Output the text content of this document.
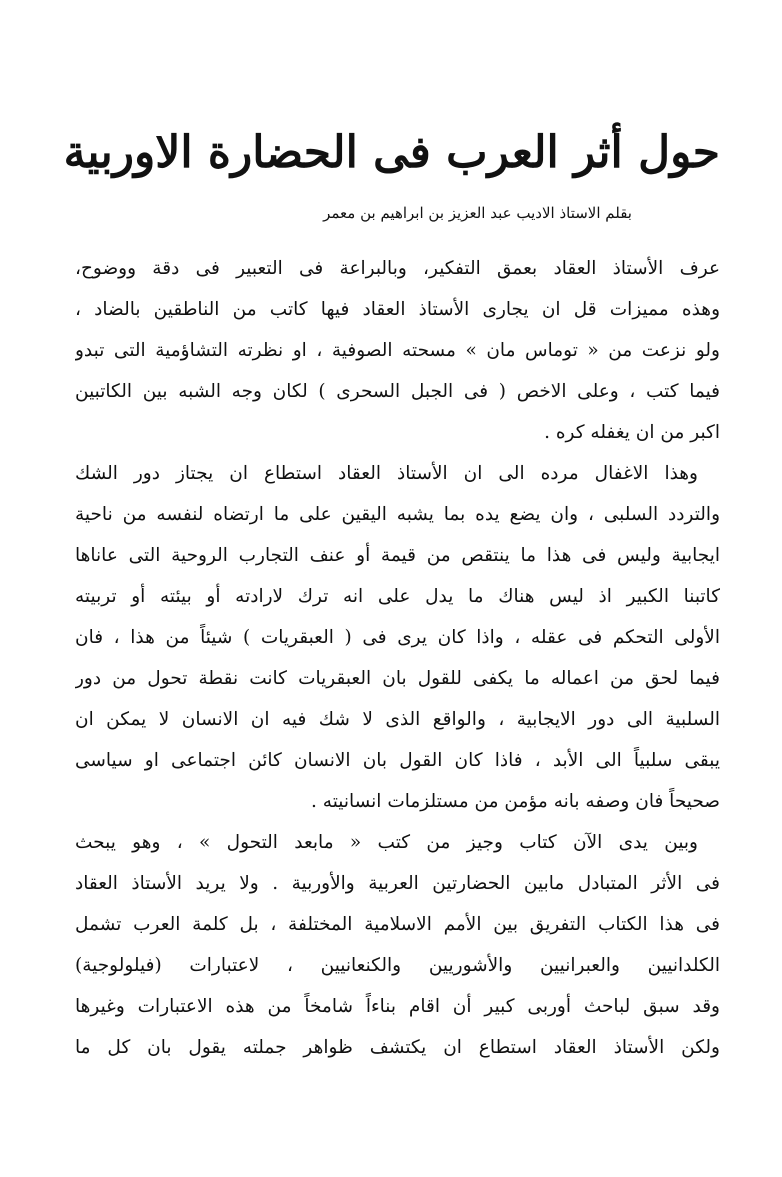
حول أثر العرب فى الحضارة الاوربية
بقلم الاستاذ الاديب عبد العزيز بن ابراهيم بن معمر
عرف الأستاذ العقاد بعمق التفكير، وبالبراعة فى التعبير فى دقة ووضوح،
وهذه مميزات قل ان يجارى الأستاذ العقاد فيها كاتب من الناطقين بالضاد ،
ولو نزعت من « توماس مان » مسحته الصوفية ، او نظرته التشاؤمية التى تبدو
فيما كتب ، وعلى الاخص ( فى الجبل السحرى ) لكان وجه الشبه بين الكاتبين
اكبر من ان يغفله كره .
وهذا الاغفال مرده الى ان الأستاذ العقاد استطاع ان يجتاز دور الشك
والتردد السلبى ، وان يضع يده بما يشبه اليقين على ما ارتضاه لنفسه من ناحية
ايجابية وليس فى هذا ما ينتقص من قيمة أو عنف التجارب الروحية التى عاناها
كاتبنا الكبير اذ ليس هناك ما يدل على انه ترك لارادته أو بيئته أو تربيته
الأولى التحكم فى عقله ، واذا كان يرى فى ( العبقريات ) شيئاً من هذا ، فان
فيما لحق من اعماله ما يكفى للقول بان العبقريات كانت نقطة تحول من دور
السلبية الى دور الايجابية ، والواقع الذى لا شك فيه ان الانسان لا يمكن ان
يبقى سلبياً الى الأبد ، فاذا كان القول بان الانسان كائن اجتماعى او سياسى
صحيحاً فان وصفه بانه مؤمن من مستلزمات انسانيته .
وبين يدى الآن كتاب وجيز من كتب « مابعد التحول » ، وهو يبحث
فى الأثر المتبادل مابين الحضارتين العربية والأوربية . ولا يريد الأستاذ العقاد
فى هذا الكتاب التفريق بين الأمم الاسلامية المختلفة ، بل كلمة العرب تشمل
الكلدانيين والعبرانيين والأشوريين والكنعانيين ، لاعتبارات (فيلولوجية)
وقد سبق لباحث أوربى كبير أن اقام بناءاً شامخاً من هذه الاعتبارات وغيرها
ولكن الأستاذ العقاد استطاع ان يكتشف ظواهر جملته يقول بان كل ما
